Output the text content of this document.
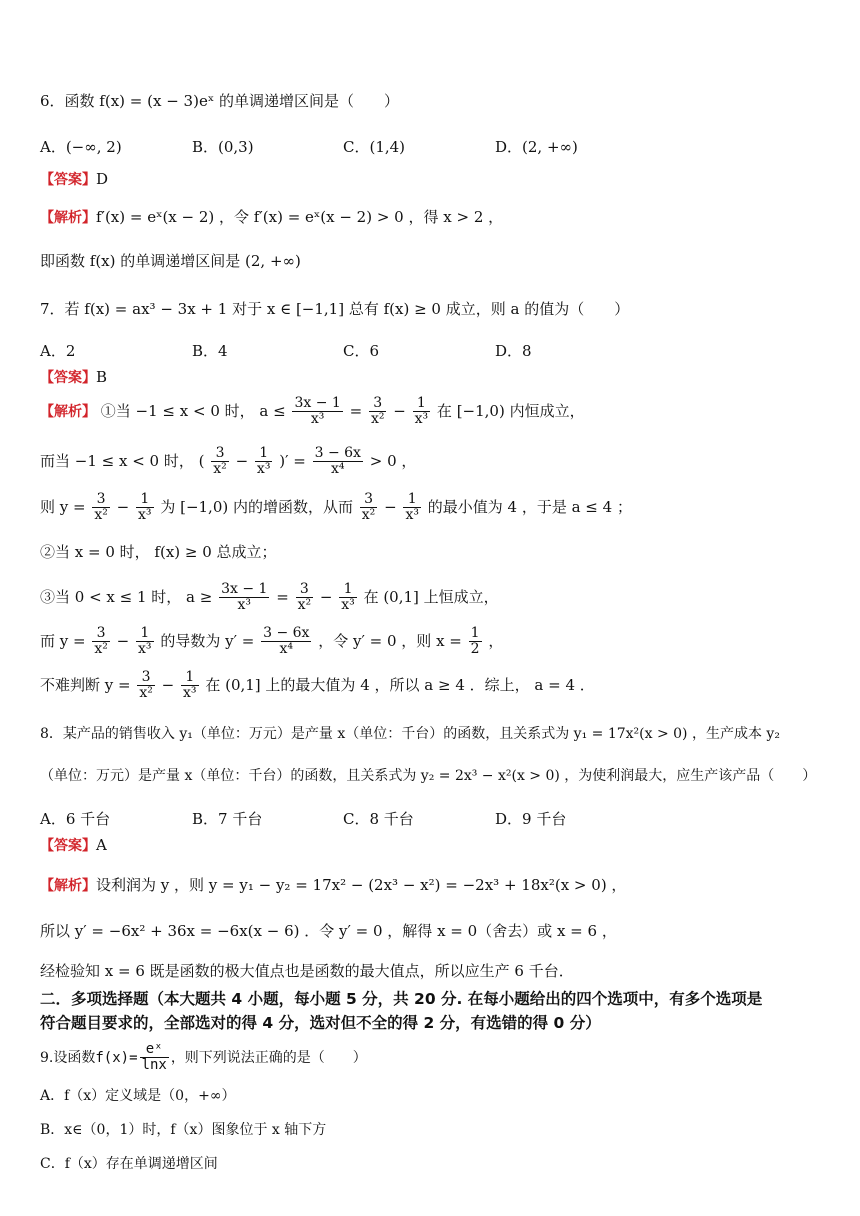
6．函数 f(x) = (x − 3)eˣ 的单调递增区间是（　　）
A．(−∞, 2)	B．(0,3)	C．(1,4)	D．(2, +∞)
【答案】D
【解析】f′(x) = eˣ(x − 2) ，令 f′(x) = eˣ(x − 2) > 0 ，得 x > 2 ，
即函数 f(x) 的单调递增区间是 (2, +∞)
7．若 f(x) = ax³ − 3x + 1 对于 x ∈ [−1,1] 总有 f(x) ≥ 0 成立，则 a 的值为（　　）
A．2	B．4	C．6	D．8
【答案】B
【解析】 ①当 −1 ≤ x < 0 时， $a \le \frac{3x - 1}{\text{x³}} = \frac{3}{\text{x²}} - \frac{1}{\text{x³}}$ 在 [−1,0) 内恒成立，
而当 −1 ≤ x < 0 时， ( $\frac{3}{\text{x²}} - \frac{1}{\text{x³}}$ )′ = $\frac{3 - 6x}{\text{x⁴}} > 0$ ，
则 $y = \frac{3}{\text{x²}} - \frac{1}{\text{x³}}$ 为 [−1,0) 内的增函数，从而 $\frac{3}{\text{x²}} - \frac{1}{\text{x³}}$ 的最小值为 4 ，于是 a ≤ 4 ；
②当 x = 0 时， f(x) ≥ 0 总成立；
③当 0 < x ≤ 1 时， $a \ge \frac{3x - 1}{\text{x³}} = \frac{3}{\text{x²}} - \frac{1}{\text{x³}}$ 在 (0,1] 上恒成立，
而 $y = \frac{3}{\text{x²}} - \frac{1}{\text{x³}}$ 的导数为 $y' = \frac{3 - 6x}{\text{x⁴}}$ ，令 y′ = 0 ，则 $x = \frac{1}{2}$ ，
不难判断 $y = \frac{3}{\text{x²}} - \frac{1}{\text{x³}}$ 在 (0,1] 上的最大值为 4 ，所以 a ≥ 4 ．综上， a = 4 ．
8．某产品的销售收入 y₁（单位：万元）是产量 x（单位：千台）的函数，且关系式为 y₁ = 17x²(x > 0) ，生产成本 y₂
（单位：万元）是产量 x（单位：千台）的函数，且关系式为 y₂ = 2x³ − x²(x > 0) ，为使利润最大，应生产该产品（　　）
A．6 千台	B．7 千台	C．8 千台	D．9 千台
【答案】A
【解析】设利润为 y ，则 y = y₁ − y₂ = 17x² − (2x³ − x²) = −2x³ + 18x²(x > 0) ，
所以 y′ = −6x² + 36x = −6x(x − 6) ．令 y′ = 0 ，解得 x = 0（舍去）或 x = 6 ，
经检验知 x = 6 既是函数的极大值点也是函数的最大值点，所以应生产 6 千台．
二．多项选择题（本大题共 4 小题，每小题 5 分，共 20 分. 在每小题给出的四个选项中，有多个选项是
符合题目要求的，全部选对的得 4 分，选对但不全的得 2 分，有选错的得 0 分）
9.设函数$f(x)= \frac{\text{eˣ}}{\ln x}$ ，则下列说法正确的是（　　）
A．f（x）定义域是（0，+∞）
B．x∈（0，1）时，f（x）图象位于 x 轴下方
C．f（x）存在单调递增区间
